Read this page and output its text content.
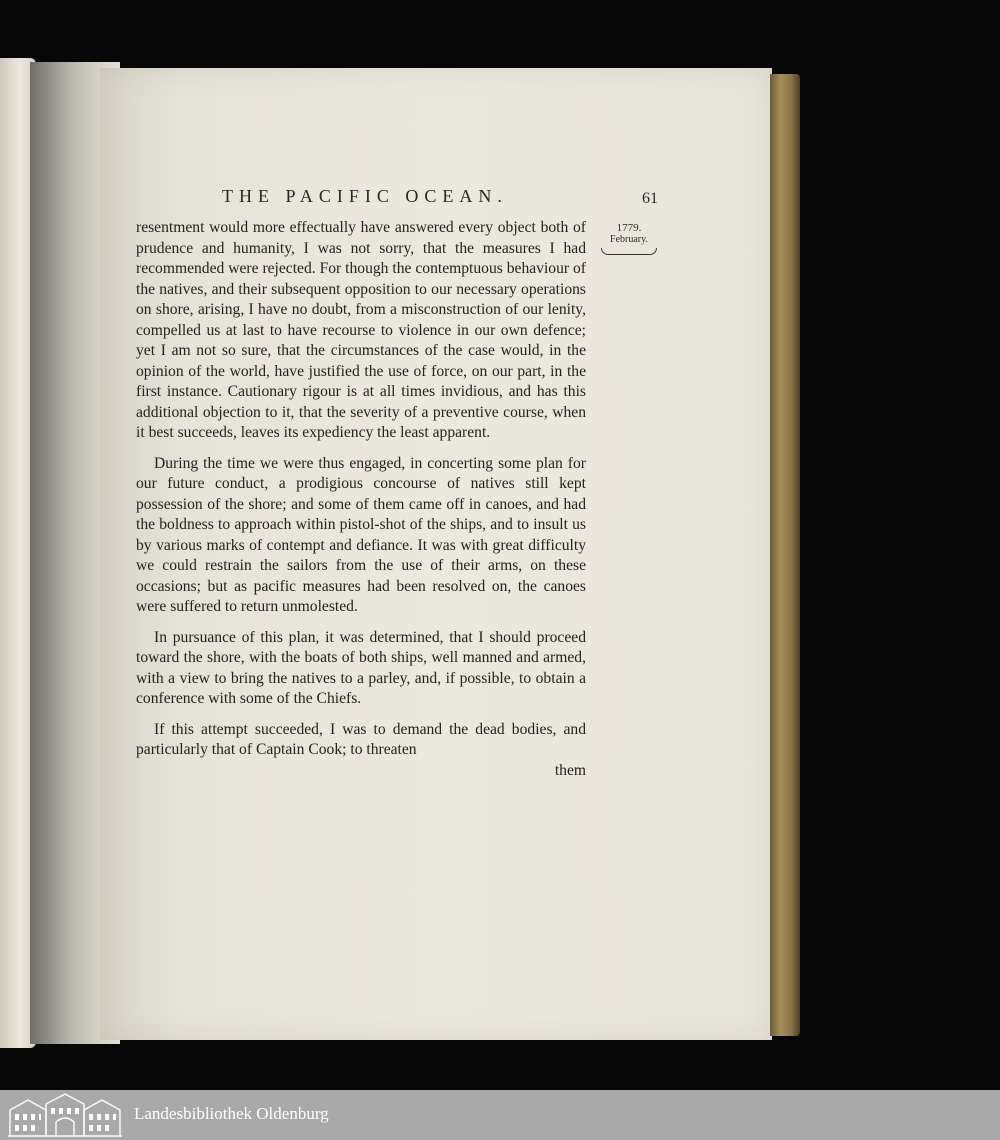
THE PACIFIC OCEAN.	61
1779.
February.

resentment would more effectually have answered every object both of prudence and humanity, I was not sorry, that the measures I had recommended were rejected. For though the contemptuous behaviour of the natives, and their subsequent opposition to our necessary operations on shore, arising, I have no doubt, from a misconstruction of our lenity, compelled us at last to have recourse to violence in our own defence; yet I am not so sure, that the circumstances of the case would, in the opinion of the world, have justified the use of force, on our part, in the first instance. Cautionary rigour is at all times invidious, and has this additional objection to it, that the severity of a preventive course, when it best succeeds, leaves its expediency the least apparent.

During the time we were thus engaged, in concerting some plan for our future conduct, a prodigious concourse of natives still kept possession of the shore; and some of them came off in canoes, and had the boldness to approach within pistol-shot of the ships, and to insult us by various marks of contempt and defiance. It was with great difficulty we could restrain the sailors from the use of their arms, on these occasions; but as pacific measures had been resolved on, the canoes were suffered to return unmolested.

In pursuance of this plan, it was determined, that I should proceed toward the shore, with the boats of both ships, well manned and armed, with a view to bring the natives to a parley, and, if possible, to obtain a conference with some of the Chiefs.

If this attempt succeeded, I was to demand the dead bodies, and particularly that of Captain Cook; to threaten

them
Landesbibliothek Oldenburg
